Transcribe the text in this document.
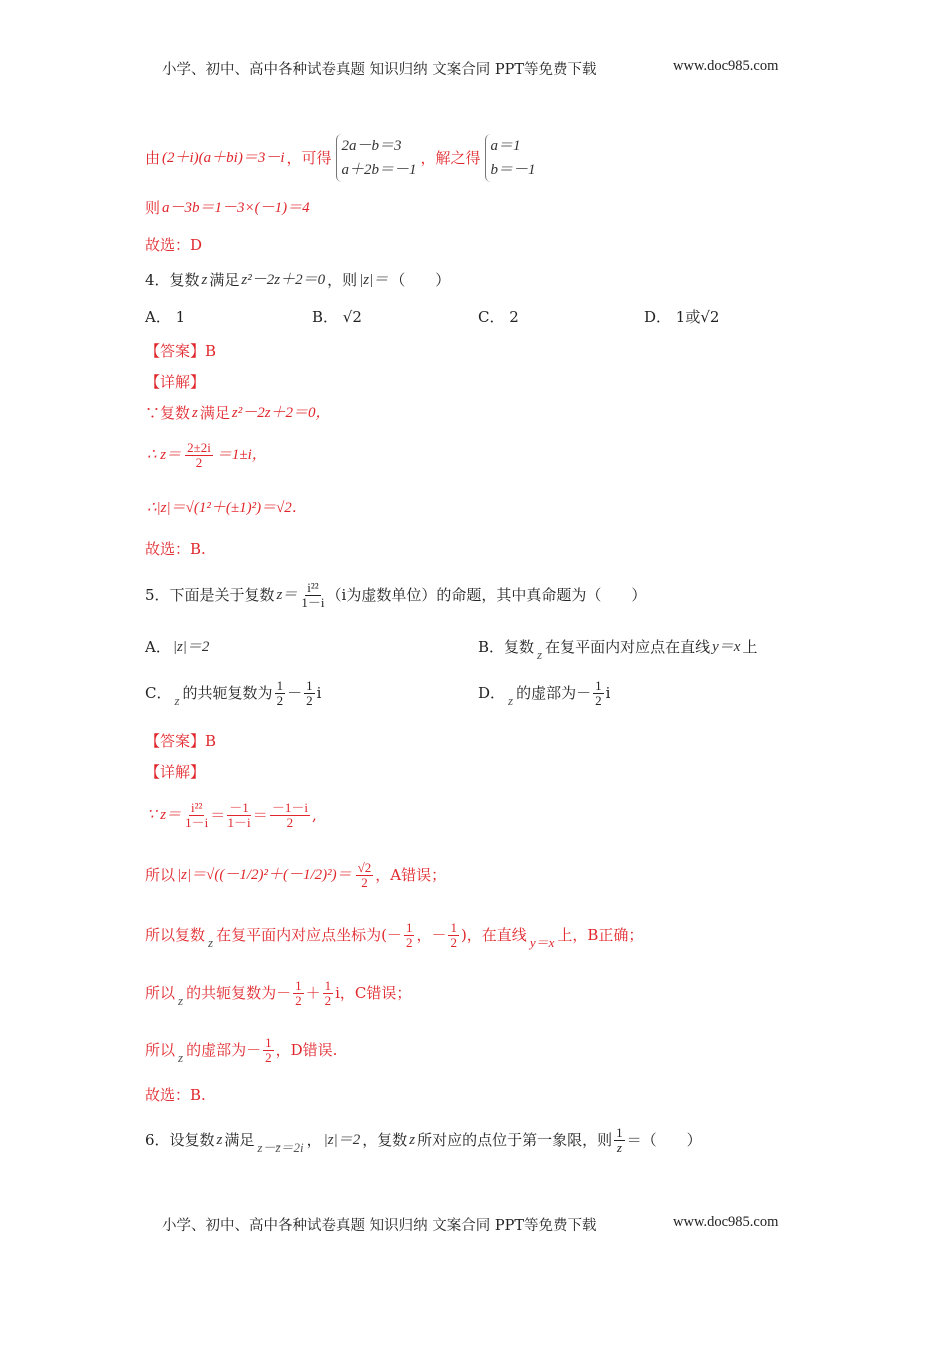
小学、初中、高中各种试卷真题 知识归纳 文案合同 PPT等免费下载	www.doc985.com
由 (2＋i)(a＋bi)＝3－i ，可得
2a－b＝3
a＋2b＝－1
，解之得
a＝1
b＝－1
则 a－3b＝1－3×(－1)＝4
故选：D
4．复数 z 满足 z²－2z＋2＝0 ，则 |z|＝ （　　）
A． 1	B． √2	C． 2	D． 1或√2
【答案】B
【详解】
∵复数 z 满足 z²－2z＋2＝0，
∴ $z= \frac{2\pm 2i}{2} =1\pm i$，
∴|z|＝√(1²＋(±1)²)＝√2．
故选：B.
5．下面是关于复数 $z= \frac{\text{i²²}}{1-i} (i$为虚数单位）的命题，其中真命题为（　　）
A． |z|＝2	B．复数 z 在复平面内对应点在直线 y＝x 上
C． z 的共轭复数为 $\frac{1}{2} - \frac{1}{2}$ i	D． z 的虚部为－ $\frac{1}{2}$ i
【答案】B
【详解】
∵ $z= \frac{\text{i²²}}{1-i} = \frac{-1}{1-i} = \frac{-1-i}{2}$ ,
所以 $|z|=√((-1/2)^2+(-1/2)^2)= \frac{√2}{2}$ ，A错误；
所以复数 z 在复平面内对应点坐标为(－ $\frac{1}{2}$ ，－ $\frac{1}{2}$ )，在直线 y＝x 上，B正确；
所以 z 的共轭复数为－ $\frac{1}{2} + \frac{1}{2}$ i，C错误；
所以 z 的虚部为－ $\frac{1}{2}$ ，D错误.
故选：B.
6．设复数 z 满足 z－z̄＝2i ， |z|＝2 ，复数 z 所对应的点位于第一象限，则 $\frac{1}{z}$ ＝（　　）
小学、初中、高中各种试卷真题 知识归纳 文案合同 PPT等免费下载	www.doc985.com
